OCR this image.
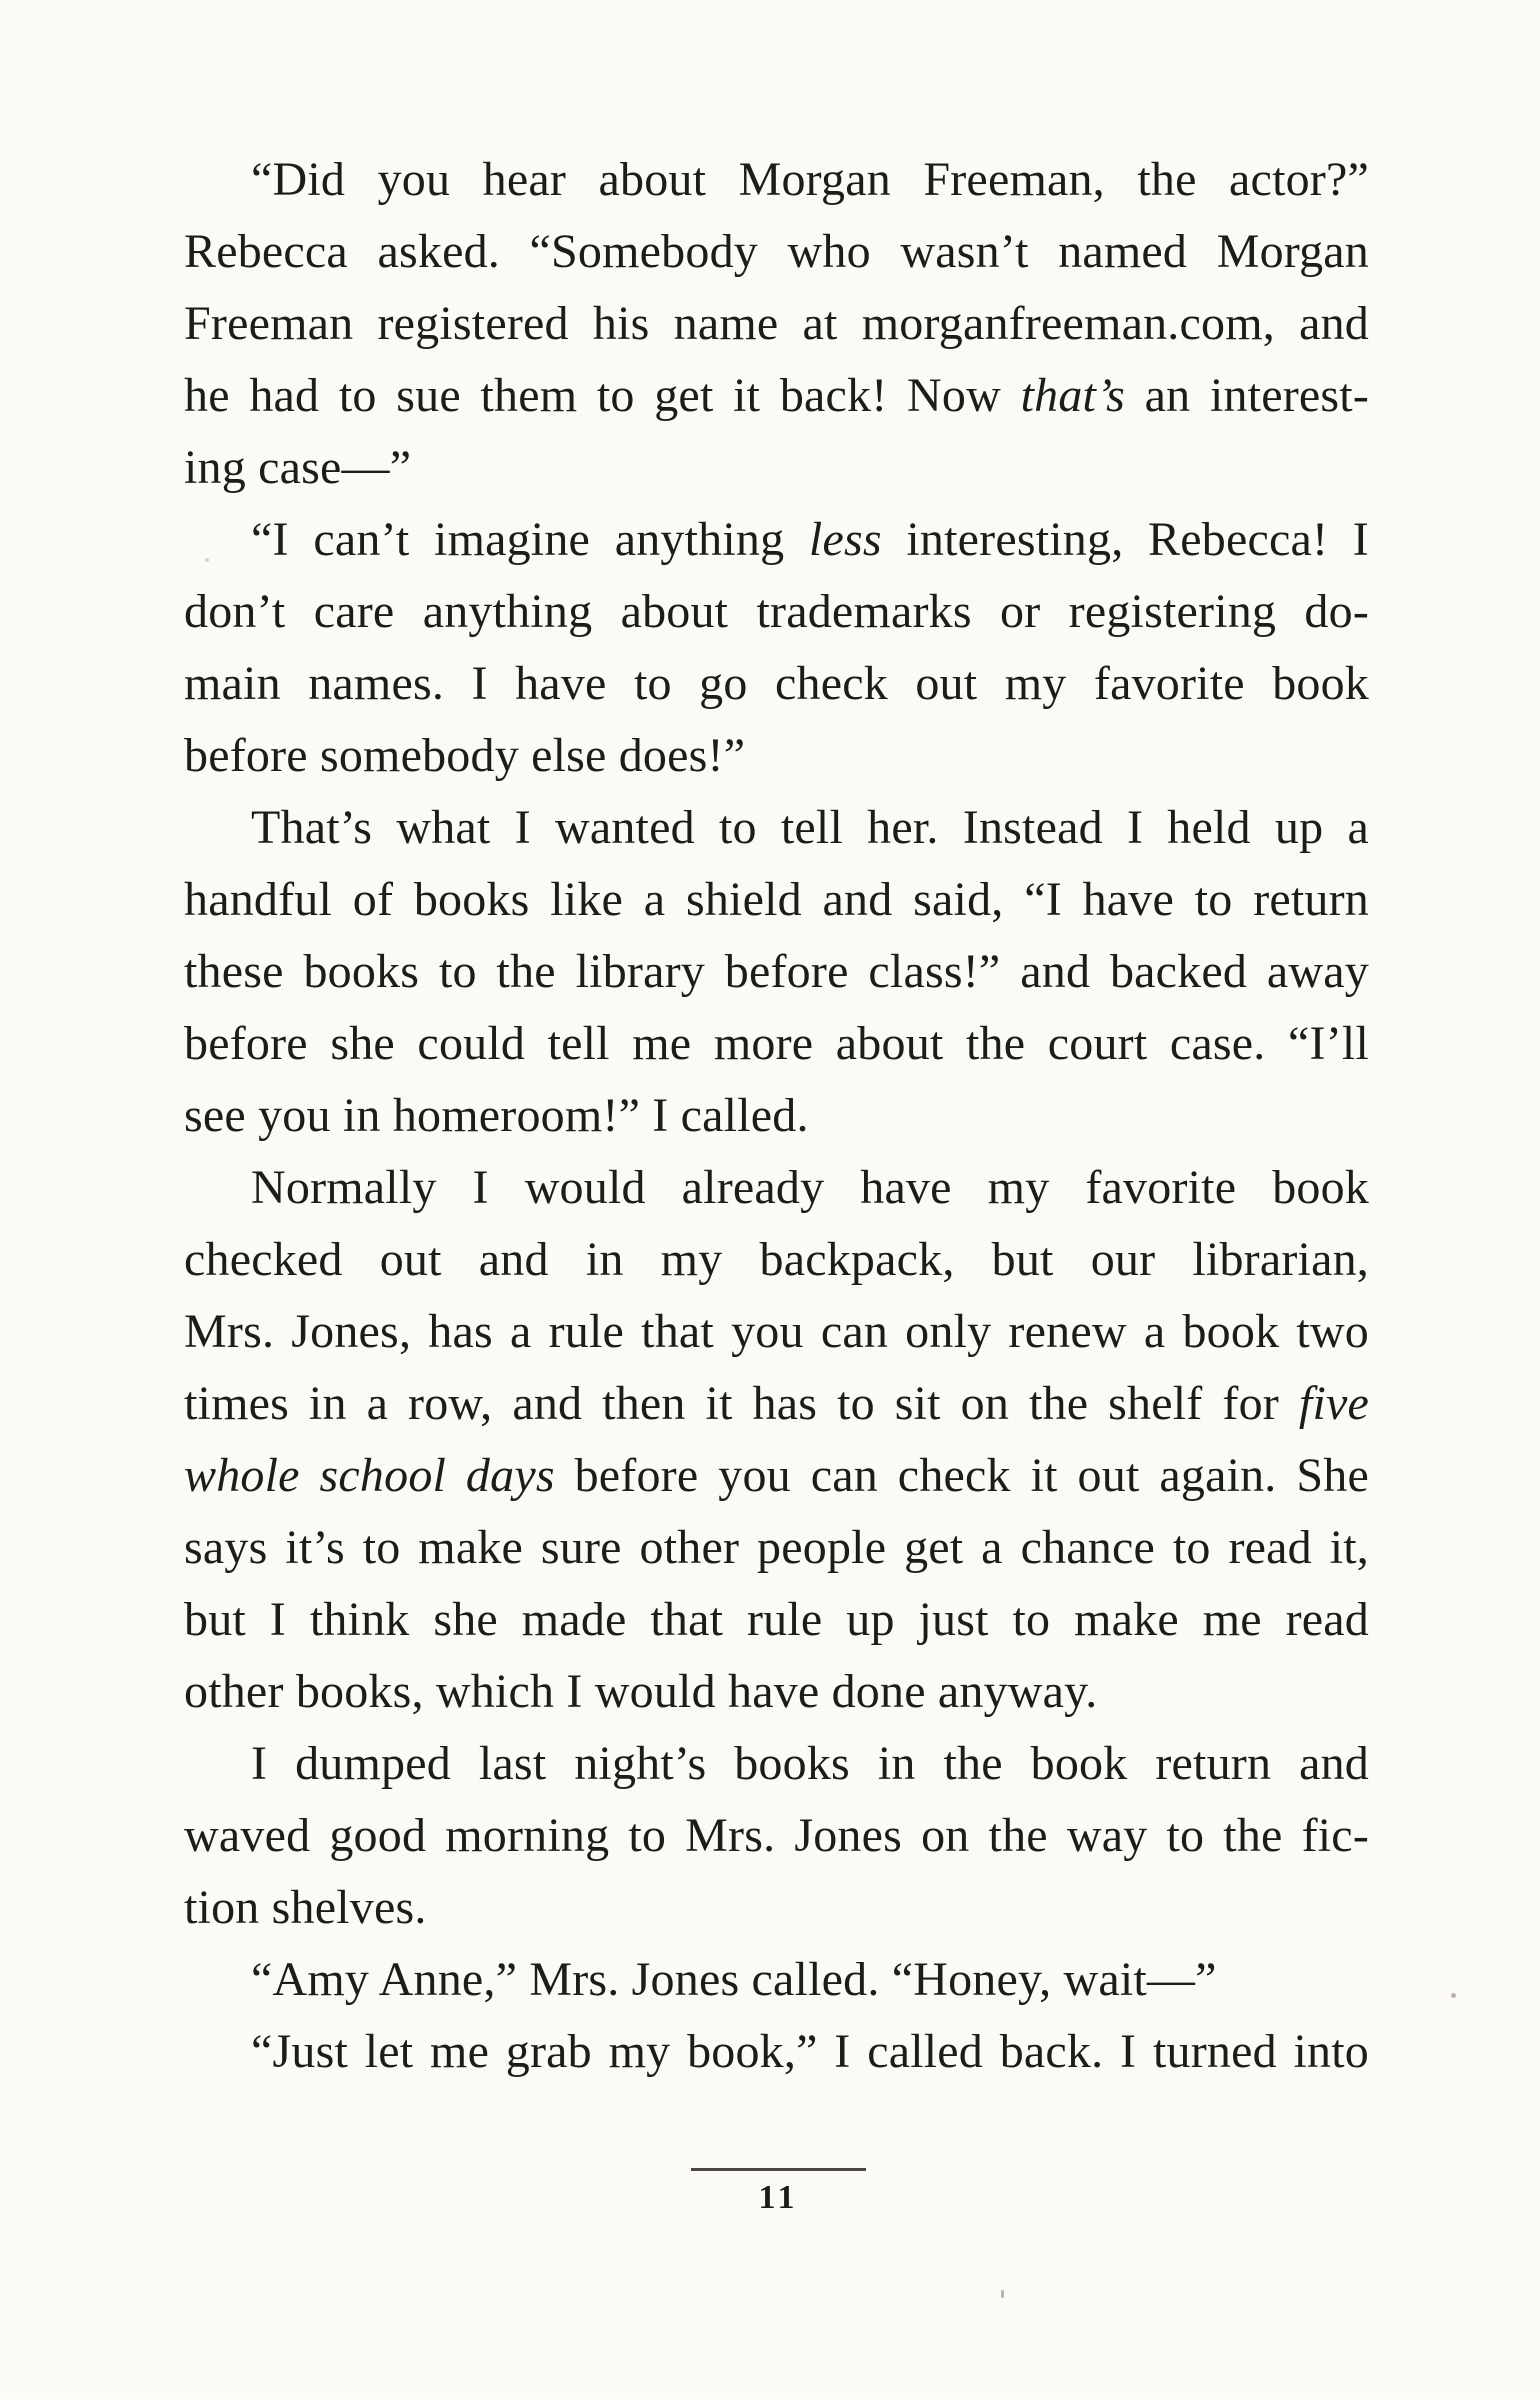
“Did you hear about Morgan Freeman, the actor?”
Rebecca asked. “Somebody who wasn’t named Morgan
Freeman registered his name at morganfreeman.com, and
he had to sue them to get it back! Now that’s an interest-
ing case—”
“I can’t imagine anything less interesting, Rebecca! I
don’t care anything about trademarks or registering do-
main names. I have to go check out my favorite book
before somebody else does!”
That’s what I wanted to tell her. Instead I held up a
handful of books like a shield and said, “I have to return
these books to the library before class!” and backed away
before she could tell me more about the court case. “I’ll
see you in homeroom!” I called.
Normally I would already have my favorite book
checked out and in my backpack, but our librarian,
Mrs. Jones, has a rule that you can only renew a book two
times in a row, and then it has to sit on the shelf for five
whole school days before you can check it out again. She
says it’s to make sure other people get a chance to read it,
but I think she made that rule up just to make me read
other books, which I would have done anyway.
I dumped last night’s books in the book return and
waved good morning to Mrs. Jones on the way to the fic-
tion shelves.
“Amy Anne,” Mrs. Jones called. “Honey, wait—”
“Just let me grab my book,” I called back. I turned into
11
